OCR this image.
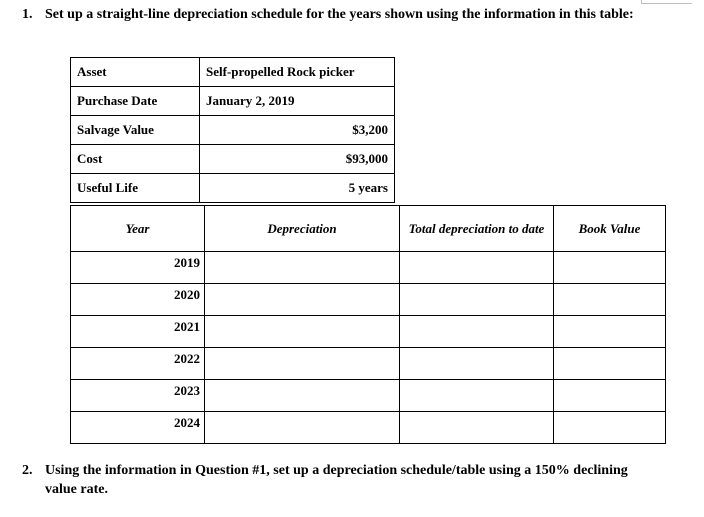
1. Set up a straight-line depreciation schedule for the years shown using the information in this table:
Asset	Self-propelled Rock picker
Purchase Date	January 2, 2019
Salvage Value	$3,200
Cost	$93,000
Useful Life	5 years
Year	Depreciation	Total depreciation to date	Book Value
2019			
2020			
2021			
2022			
2023			
2024			
2. Using the information in Question #1, set up a depreciation schedule/table using a 150% declining value rate.
